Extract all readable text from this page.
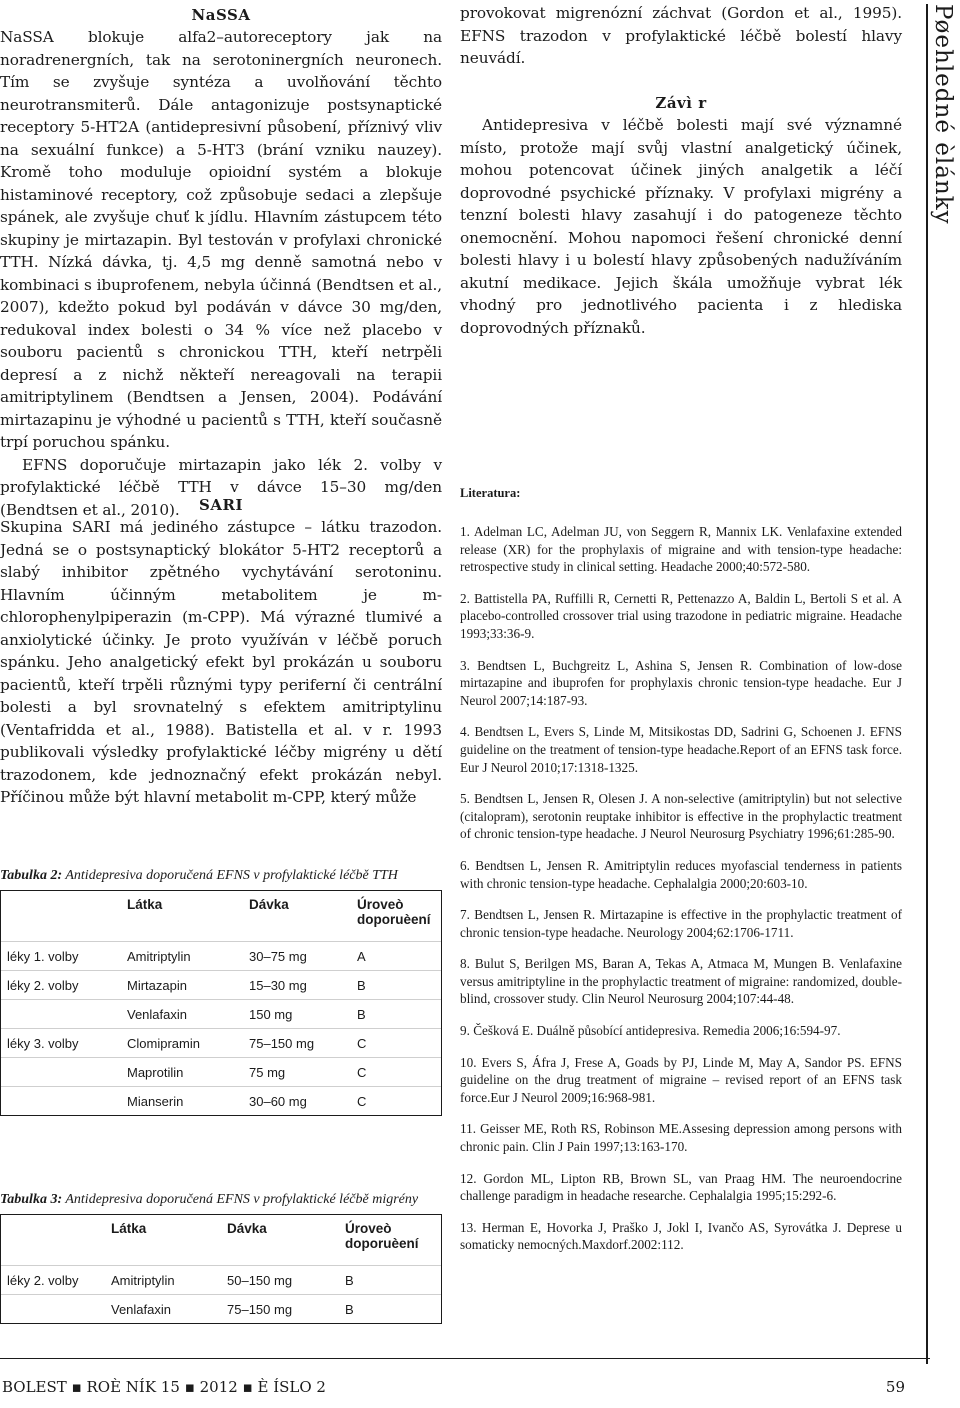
NaSSA

NaSSA blokuje alfa2–autoreceptory jak na noradrenergních, tak na serotoninergních neuronech. Tím se zvyšuje syntéza a uvolňování těchto neurotransmiterů. Dále antagonizuje postsynaptické receptory 5-HT2A (antidepresivní působení, příznivý vliv na sexuální funkce) a 5-HT3 (brání vzniku nauzey). Kromě toho moduluje opioidní systém a blokuje histaminové receptory, což způsobuje sedaci a zlepšuje spánek, ale zvyšuje chuť k jídlu. Hlavním zástupcem této skupiny je mirtazapin. Byl testován v profylaxi chronické TTH. Nízká dávka, tj. 4,5 mg denně samotná nebo v kombinaci s ibuprofenem, nebyla účinná (Bendtsen et al., 2007), kdežto pokud byl podáván v dávce 30 mg/den, redukoval index bolesti o 34 % více než placebo v souboru pacientů s chronickou TTH, kteří netrpěli depresí a z nichž někteří nereagovali na terapii amitriptylinem (Bendtsen a Jensen, 2004). Podávání mirtazapinu je výhodné u pacientů s TTH, kteří současně trpí poruchou spánku.

EFNS doporučuje mirtazapin jako lék 2. volby v profylaktické léčbě TTH v dávce 15–30 mg/den (Bendtsen et al., 2010).	SARI

Skupina SARI má jediného zástupce – látku trazodon. Jedná se o postsynaptický blokátor 5-HT2 receptorů a slabý inhibitor zpětného vychytávání serotoninu. Hlavním účinným metabolitem je m-chlorophenylpiperazin (m-CPP). Má výrazné tlumivé a anxiolytické účinky. Je proto využíván v léčbě poruch spánku. Jeho analgetický efekt byl prokázán u souboru pacientů, kteří trpěli různými typy periferní či centrální bolesti a byl srovnatelný s efektem amitriptylinu (Ventafridda et al., 1988). Batistella et al. v r. 1993 publikovali výsledky profylaktické léčby migrény u dětí trazodonem, kde jednoznačný efekt prokázán nebyl. Příčinou může být hlavní metabolit m-CPP, který může

Tabulka 2: Antidepresiva doporučená EFNS v profylaktické léčbě TTH

	Látka	Dávka	Úroveò doporuèení
léky 1. volby	Amitriptylin	30–75 mg	A
léky 2. volby	Mirtazapin	15–30 mg	B
	Venlafaxin	150 mg	B
léky 3. volby	Clomipramin	75–150 mg	C
	Maprotilin	75 mg	C
	Mianserin	30–60 mg	C

Tabulka 3: Antidepresiva doporučená EFNS v profylaktické léčbě migrény

	Látka	Dávka	Úroveò doporuèení
léky 2. volby	Amitriptylin	50–150 mg	B
	Venlafaxin	75–150 mg	B

provokovat migrenózní záchvat (Gordon et al., 1995). EFNS trazodon v profylaktické léčbě bolestí hlavy neuvádí.

Závì r

Antidepresiva v léčbě bolesti mají své významné místo, protože mají svůj vlastní analgetický účinek, mohou potencovat účinek jiných analgetik a léčí doprovodné psychické příznaky. V profylaxi migrény a tenzní bolesti hlavy zasahují i do patogeneze těchto onemocnění. Mohou napomoci řešení chronické denní bolesti hlavy i u bolestí hlavy způsobených nadužíváním akutní medikace. Jejich škála umožňuje vybrat lék vhodný pro jednotlivého pacienta i z hlediska doprovodných příznaků.

Literatura:

1. Adelman LC, Adelman JU, von Seggern R, Mannix LK. Venlafaxine extended release (XR) for the prophylaxis of migraine and with tension-type headache: retrospective study in clinical setting. Headache 2000;40:572-580.

2. Battistella PA, Ruffilli R, Cernetti R, Pettenazzo A, Baldin L, Bertoli S et al. A placebo-controlled crossover trial using trazodone in pediatric migraine. Headache 1993;33:36-9.

3. Bendtsen L, Buchgreitz L, Ashina S, Jensen R. Combination of low-dose mirtazapine and ibuprofen for prophylaxis chronic tension-type headache. Eur J Neurol 2007;14:187-93.

4. Bendtsen L, Evers S, Linde M, Mitsikostas DD, Sadrini G, Schoenen J. EFNS guideline on the treatment of tension-type headache.Report of an EFNS task force. Eur J Neurol 2010;17:1318-1325.

5. Bendtsen L, Jensen R, Olesen J. A non-selective (amitriptylin) but not selective (citalopram), serotonin reuptake inhibitor is effective in the prophylactic treatment of chronic tension-type headache. J Neurol Neurosurg Psychiatry 1996;61:285-90.

6. Bendtsen L, Jensen R. Amitriptylin reduces myofascial tenderness in patients with chronic tension-type headache. Cephalalgia 2000;20:603-10.

7. Bendtsen L, Jensen R. Mirtazapine is effective in the prophylactic treatment of chronic tension-type headache. Neurology 2004;62:1706-1711.

8. Bulut S, Berilgen MS, Baran A, Tekas A, Atmaca M, Mungen B. Venlafaxine versus amitriptyline in the prophylactic treatment of migraine: randomized, double-blind, crossover study. Clin Neurol Neurosurg 2004;107:44-48.

9. Češková E. Duálně působící antidepresiva. Remedia 2006;16:594-97.

10. Evers S, Áfra J, Frese A, Goads by PJ, Linde M, May A, Sandor PS. EFNS guideline on the drug treatment of migraine – revised report of an EFNS task force.Eur J Neurol 2009;16:968-981.

11. Geisser ME, Roth RS, Robinson ME.Assesing depression among persons with chronic pain. Clin J Pain 1997;13:163-170.

12. Gordon ML, Lipton RB, Brown SL, van Praag HM. The neuroendocrine challenge paradigm in headache researche. Cephalalgia 1995;15:292-6.

13. Herman E, Hovorka J, Praško J, Jokl I, Ivančo AS, Syrovátka J. Deprese u somaticky nemocných.Maxdorf.2002:112.

Pøehledné èlánky
BOLEST ▪ ROÈ NÍK 15 ▪ 2012 ▪ È ÍSLO 2	59
